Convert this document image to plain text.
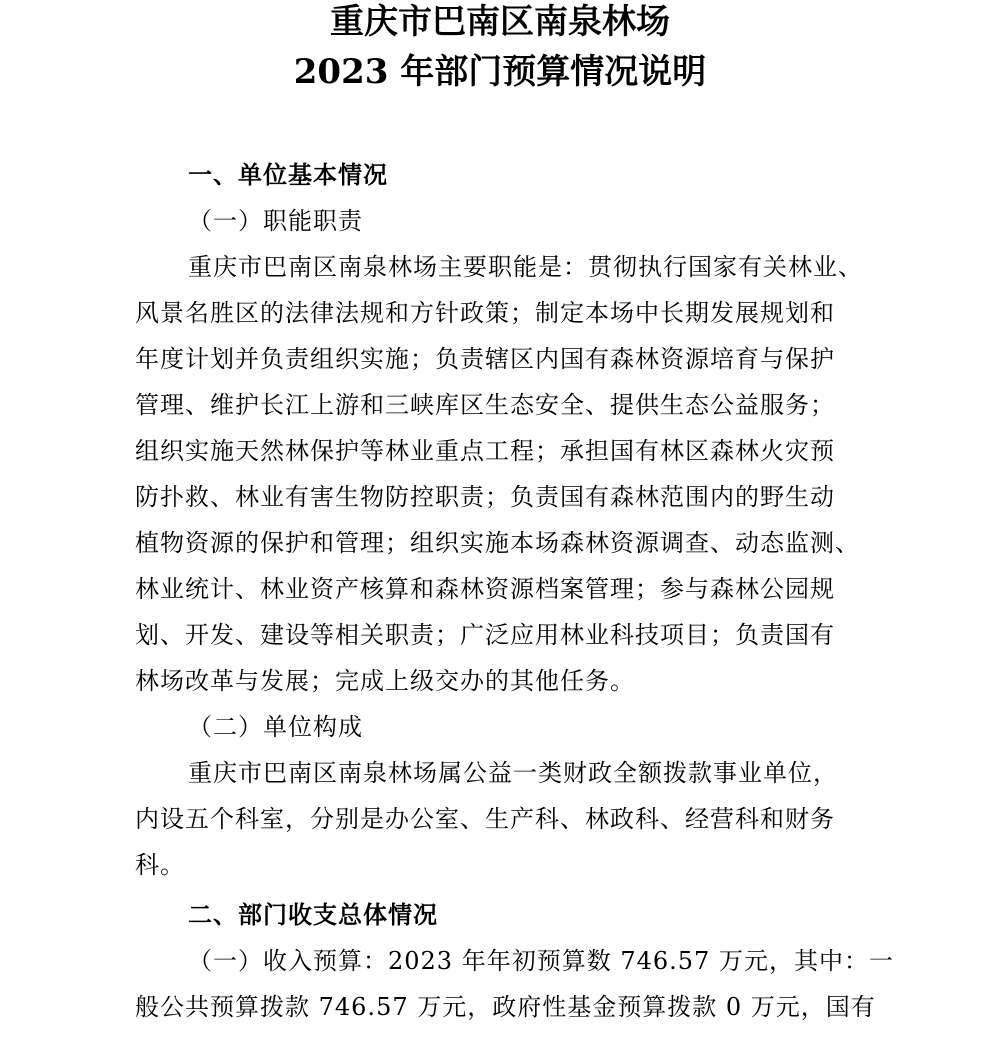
重庆市巴南区南泉林场
2023 年部门预算情况说明
一、单位基本情况
（一）职能职责
重庆市巴南区南泉林场主要职能是：贯彻执行国家有关林业、
风景名胜区的法律法规和方针政策；制定本场中长期发展规划和
年度计划并负责组织实施；负责辖区内国有森林资源培育与保护
管理、维护长江上游和三峡库区生态安全、提供生态公益服务；
组织实施天然林保护等林业重点工程；承担国有林区森林火灾预
防扑救、林业有害生物防控职责；负责国有森林范围内的野生动
植物资源的保护和管理；组织实施本场森林资源调查、动态监测、
林业统计、林业资产核算和森林资源档案管理；参与森林公园规
划、开发、建设等相关职责；广泛应用林业科技项目；负责国有
林场改革与发展；完成上级交办的其他任务。
（二）单位构成
重庆市巴南区南泉林场属公益一类财政全额拨款事业单位，
内设五个科室，分别是办公室、生产科、林政科、经营科和财务
科。
二、部门收支总体情况
（一）收入预算：2023 年年初预算数 746.57 万元，其中：一
般公共预算拨款 746.57 万元，政府性基金预算拨款 0 万元，国有
